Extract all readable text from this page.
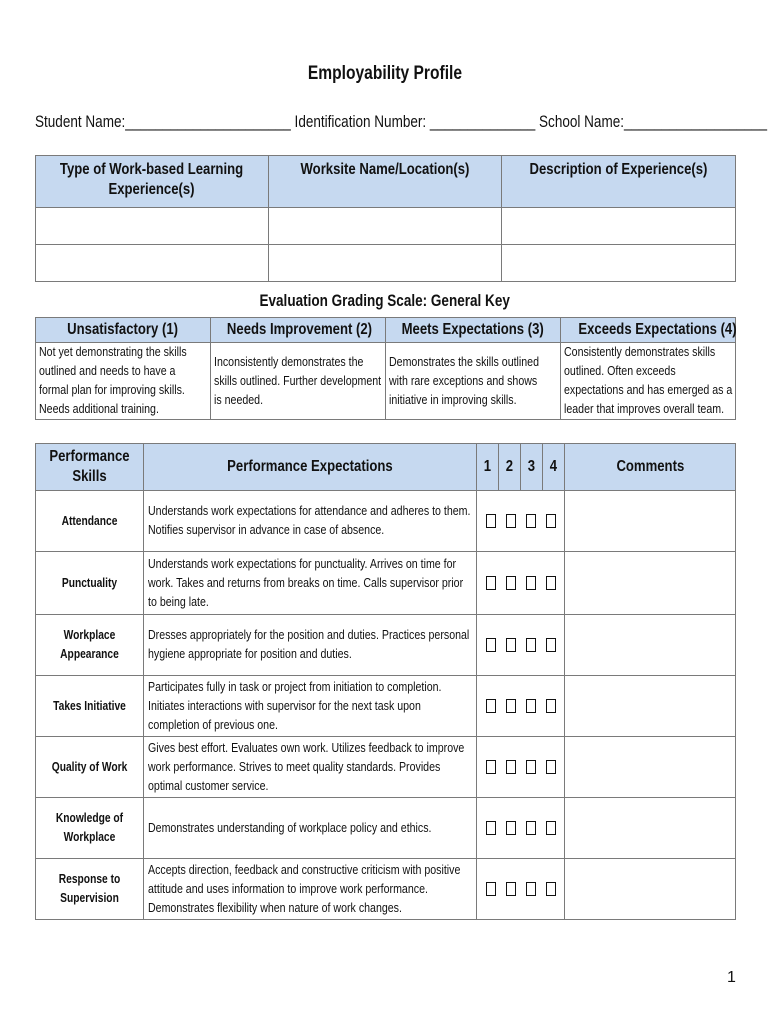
Employability Profile
Student Name:______________________ Identification Number: ______________ School Name:___________________
Type of Work-based Learning Experience(s)	Worksite Name/Location(s)	Description of Experience(s)

Evaluation Grading Scale: General Key
Unsatisfactory (1)	Needs Improvement (2)	Meets Expectations (3)	Exceeds Expectations (4)

Not yet demonstrating the skills outlined and needs to have a formal plan for improving skills. Needs additional training.	Inconsistently demonstrates the skills outlined. Further development is needed.	Demonstrates the skills outlined with rare exceptions and shows initiative in improving skills.	Consistently demonstrates skills outlined. Often exceeds expectations and has emerged as a leader that improves overall team.
Performance Skills	Performance Expectations	1	2	3	4	Comments

Attendance	Understands work expectations for attendance and adheres to them. Notifies supervisor in advance in case of absence.					

Punctuality	Understands work expectations for punctuality. Arrives on time for work. Takes and returns from breaks on time. Calls supervisor prior to being late.					

Workplace Appearance	Dresses appropriately for the position and duties. Practices personal hygiene appropriate for position and duties.					

Takes Initiative	Participates fully in task or project from initiation to completion. Initiates interactions with supervisor for the next task upon completion of previous one.					

Quality of Work	Gives best effort. Evaluates own work. Utilizes feedback to improve work performance. Strives to meet quality standards. Provides optimal customer service.					

Knowledge of Workplace	Demonstrates understanding of workplace policy and ethics.					

Response to Supervision	Accepts direction, feedback and constructive criticism with positive attitude and uses information to improve work performance. Demonstrates flexibility when nature of work changes.					

1
